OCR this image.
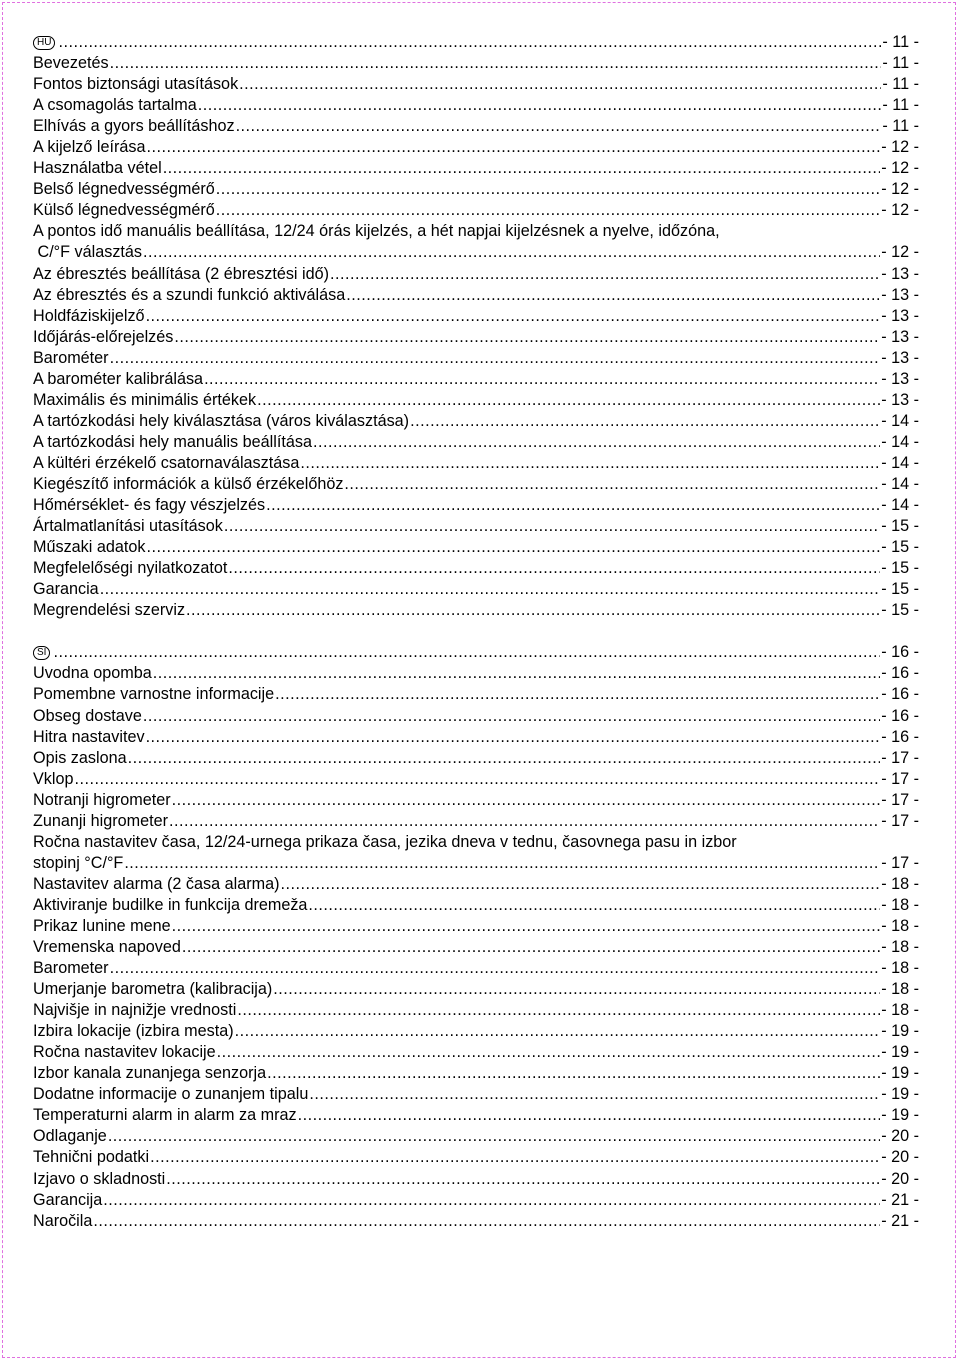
HU .....	- 11 -
Bevezetés .....	- 11 -
Fontos biztonsági utasítások .....	- 11 -
A csomagolás tartalma .....	- 11 -
Elhívás a gyors beállításhoz .....	- 11 -
A kijelző leírása .....	- 12 -
Használatba vétel .....	- 12 -
Belső légnedvességmérő .....	- 12 -
Külső légnedvességmérő .....	- 12 -
A pontos idő manuális beállítása, 12/24 órás kijelzés, a hét napjai kijelzésnek a nyelve, időzóna,
C/°F választás .....	- 12 -
Az ébresztés beállítása (2 ébresztési idő) .....	- 13 -
Az ébresztés és a szundi funkció aktiválása .....	- 13 -
Holdfáziskijelző .....	- 13 -
Időjárás-előrejelzés .....	- 13 -
Barométer .....	- 13 -
A barométer kalibrálása .....	- 13 -
Maximális és minimális értékek .....	- 13 -
A tartózkodási hely kiválasztása (város kiválasztása) .....	- 14 -
A tartózkodási hely manuális beállítása .....	- 14 -
A kültéri érzékelő csatornaválasztása .....	- 14 -
Kiegészítő információk a külső érzékelőhöz .....	- 14 -
Hőmérséklet- és fagy vészjelzés .....	- 14 -
Ártalmatlanítási utasítások .....	- 15 -
Műszaki adatok .....	- 15 -
Megfelelőségi nyilatkozatot .....	- 15 -
Garancia .....	- 15 -
Megrendelési szerviz .....	- 15 -
SI .....	- 16 -
Uvodna opomba .....	- 16 -
Pomembne varnostne informacije .....	- 16 -
Obseg dostave .....	- 16 -
Hitra nastavitev .....	- 16 -
Opis zaslona .....	- 17 -
Vklop .....	- 17 -
Notranji higrometer .....	- 17 -
Zunanji higrometer .....	- 17 -
Ročna nastavitev časa, 12/24-urnega prikaza časa, jezika dneva v tednu, časovnega pasu in izbor
stopinj °C/°F .....	- 17 -
Nastavitev alarma (2 časa alarma) .....	- 18 -
Aktiviranje budilke in funkcija dremeža .....	- 18 -
Prikaz lunine mene .....	- 18 -
Vremenska napoved .....	- 18 -
Barometer .....	- 18 -
Umerjanje barometra (kalibracija) .....	- 18 -
Najvišje in najnižje vrednosti .....	- 18 -
Izbira lokacije (izbira mesta) .....	- 19 -
Ročna nastavitev lokacije .....	- 19 -
Izbor kanala zunanjega senzorja .....	- 19 -
Dodatne informacije o zunanjem tipalu .....	- 19 -
Temperaturni alarm in alarm za mraz .....	- 19 -
Odlaganje .....	- 20 -
Tehnični podatki .....	- 20 -
Izjavo o skladnosti .....	- 20 -
Garancija .....	- 21 -
Naročila .....	- 21 -
